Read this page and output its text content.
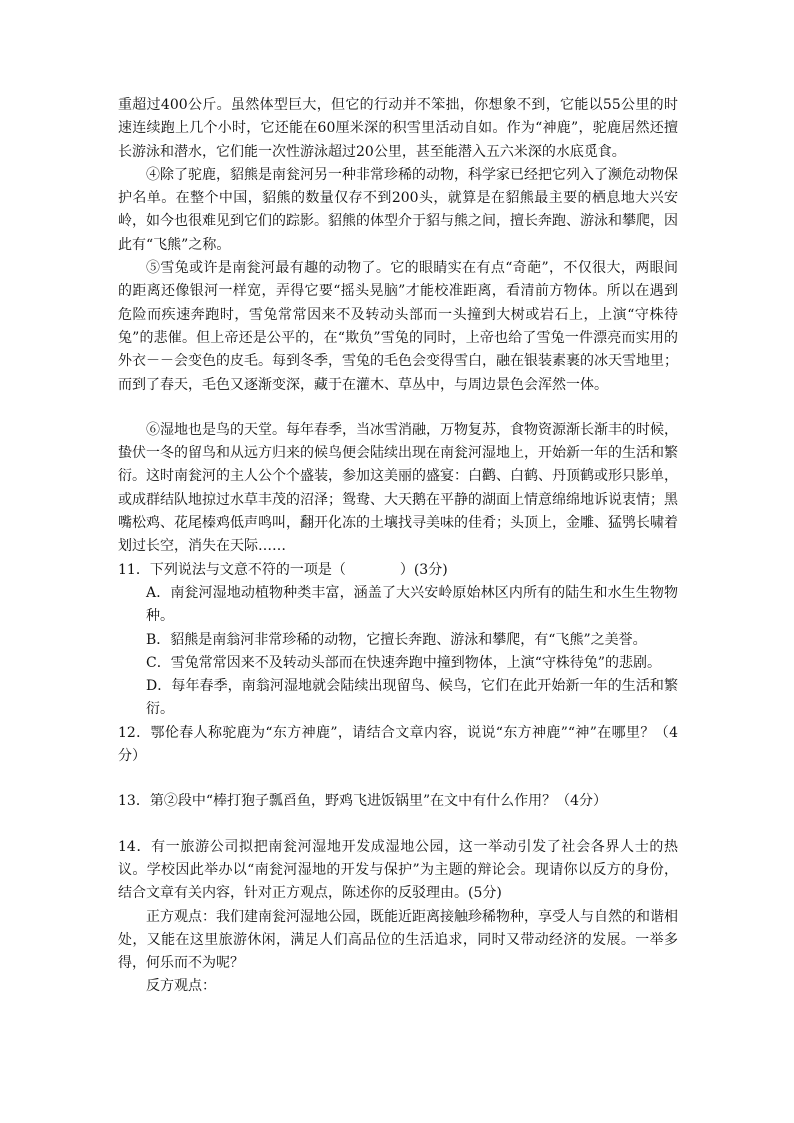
重超过400公斤。虽然体型巨大，但它的行动并不笨拙，你想象不到，它能以55公里的时速连续跑上几个小时，它还能在60厘米深的积雪里活动自如。作为“神鹿”，驼鹿居然还擅长游泳和潜水，它们能一次性游泳超过20公里，甚至能潜入五六米深的水底觅食。

④除了驼鹿，貂熊是南瓮河另一种非常珍稀的动物，科学家已经把它列入了濒危动物保护名单。在整个中国，貂熊的数量仅存不到200头，就算是在貂熊最主要的栖息地大兴安岭，如今也很难见到它们的踪影。貂熊的体型介于貂与熊之间，擅长奔跑、游泳和攀爬，因此有“飞熊”之称。

⑤雪兔或许是南瓮河最有趣的动物了。它的眼睛实在有点“奇葩”，不仅很大，两眼间的距离还像银河一样宽，弄得它要“摇头晃脑”才能校准距离，看清前方物体。所以在遇到危险而疾速奔跑时，雪兔常常因来不及转动头部而一头撞到大树或岩石上，上演“守株待兔”的悲催。但上帝还是公平的，在“欺负”雪兔的同时，上帝也给了雪兔一件漂亮而实用的外衣－－会变色的皮毛。每到冬季，雪兔的毛色会变得雪白，融在银装素裹的冰天雪地里；而到了春天，毛色又逐渐变深，藏于在灌木、草丛中，与周边景色会浑然一体。

⑥湿地也是鸟的天堂。每年春季，当冰雪消融，万物复苏，食物资源渐长渐丰的时候，蛰伏一冬的留鸟和从远方归来的候鸟便会陆续出现在南瓮河湿地上，开始新一年的生活和繁衍。这时南瓮河的主人公个个盛装，参加这美丽的盛宴：白鹳、白鹤、丹顶鹤或形只影单，或成群结队地掠过水草丰茂的沼泽；鸳鸯、大天鹅在平静的湖面上情意绵绵地诉说衷情；黑嘴松鸡、花尾榛鸡低声鸣叫，翻开化冻的土壤找寻美味的佳肴；头顶上，金雕、猛鸮长啸着划过长空，消失在天际……

11．下列说法与文意不符的一项是（	）(3分)

A．南瓮河湿地动植物种类丰富，涵盖了大兴安岭原始林区内所有的陆生和水生生物物种。

B．貂熊是南翁河非常珍稀的动物，它擅长奔跑、游泳和攀爬，有“飞熊”之美誉。

C．雪兔常常因来不及转动头部而在快速奔跑中撞到物体，上演“守株待兔”的悲剧。

D．每年春季，南翁河湿地就会陆续出现留鸟、候鸟，它们在此开始新一年的生活和繁衍。

12．鄂伦春人称驼鹿为“东方神鹿”，请结合文章内容，说说“东方神鹿”“神”在哪里？（4分）

13．第②段中“棒打狍子瓢舀鱼，野鸡飞进饭锅里”在文中有什么作用？（4分）

14．有一旅游公司拟把南瓮河湿地开发成湿地公园，这一举动引发了社会各界人士的热议。学校因此举办以“南瓮河湿地的开发与保护”为主题的辩论会。现请你以反方的身份，结合文章有关内容，针对正方观点，陈述你的反驳理由。(5分)

正方观点：我们建南瓮河湿地公园，既能近距离接触珍稀物种，享受人与自然的和谐相处，又能在这里旅游休闲，满足人们高品位的生活追求，同时又带动经济的发展。一举多得，何乐而不为呢？

反方观点：
